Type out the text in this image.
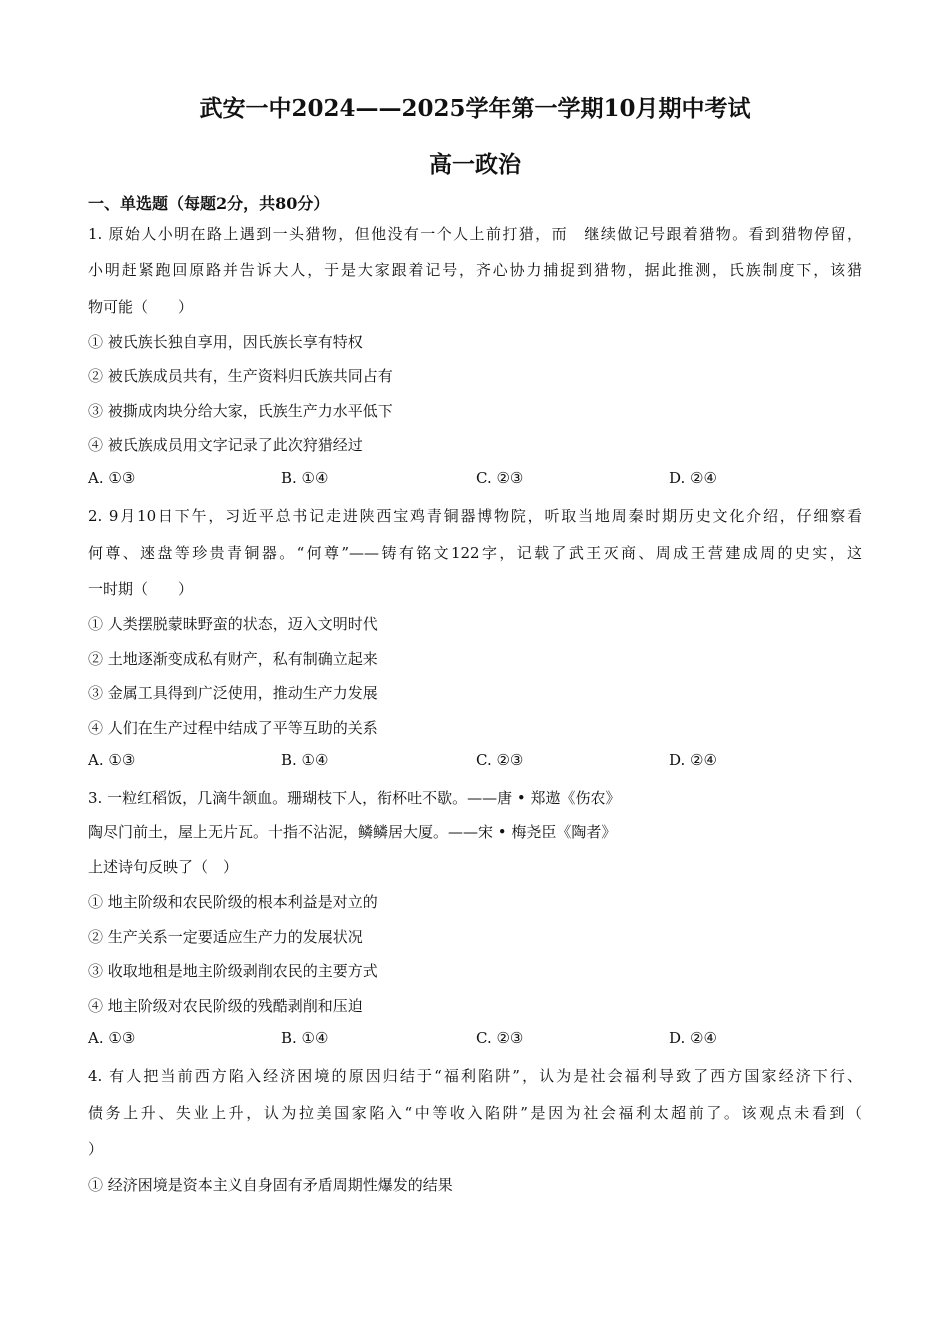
武安一中2024——2025学年第一学期10月期中考试
高一政治
一、单选题（每题2分，共80分）
1. 原始人小明在路上遇到一头猎物，但他没有一个人上前打猎，而　继续做记号跟着猎物。看到猎物停留，
小明赶紧跑回原路并告诉大人，于是大家跟着记号，齐心协力捕捉到猎物，据此推测，氏族制度下，该猎
物可能（　　）
① 被氏族长独自享用，因氏族长享有特权
② 被氏族成员共有，生产资料归氏族共同占有
③ 被撕成肉块分给大家，氏族生产力水平低下
④ 被氏族成员用文字记录了此次狩猎经过
A. ①③	B. ①④	C. ②③	D. ②④
2. 9月10日下午，习近平总书记走进陕西宝鸡青铜器博物院，听取当地周秦时期历史文化介绍，仔细察看
何尊、逨盘等珍贵青铜器。“何尊”——铸有铭文122字，记载了武王灭商、周成王营建成周的史实，这
一时期（　　）
① 人类摆脱蒙昧野蛮的状态，迈入文明时代
② 土地逐渐变成私有财产，私有制确立起来
③ 金属工具得到广泛使用，推动生产力发展
④ 人们在生产过程中结成了平等互助的关系
A. ①③	B. ①④	C. ②③	D. ②④
3. 一粒红稻饭，几滴牛颔血。珊瑚枝下人，衔杯吐不歇。——唐 • 郑遨《伤农》
陶尽门前土，屋上无片瓦。十指不沾泥，鳞鳞居大厦。——宋 • 梅尧臣《陶者》
上述诗句反映了（　）
① 地主阶级和农民阶级的根本利益是对立的
② 生产关系一定要适应生产力的发展状况
③ 收取地租是地主阶级剥削农民的主要方式
④ 地主阶级对农民阶级的残酷剥削和压迫
A. ①③	B. ①④	C. ②③	D. ②④
4. 有人把当前西方陷入经济困境的原因归结于“福利陷阱”，认为是社会福利导致了西方国家经济下行、
债务上升、失业上升，认为拉美国家陷入“中等收入陷阱”是因为社会福利太超前了。该观点未看到（
）
① 经济困境是资本主义自身固有矛盾周期性爆发的结果
